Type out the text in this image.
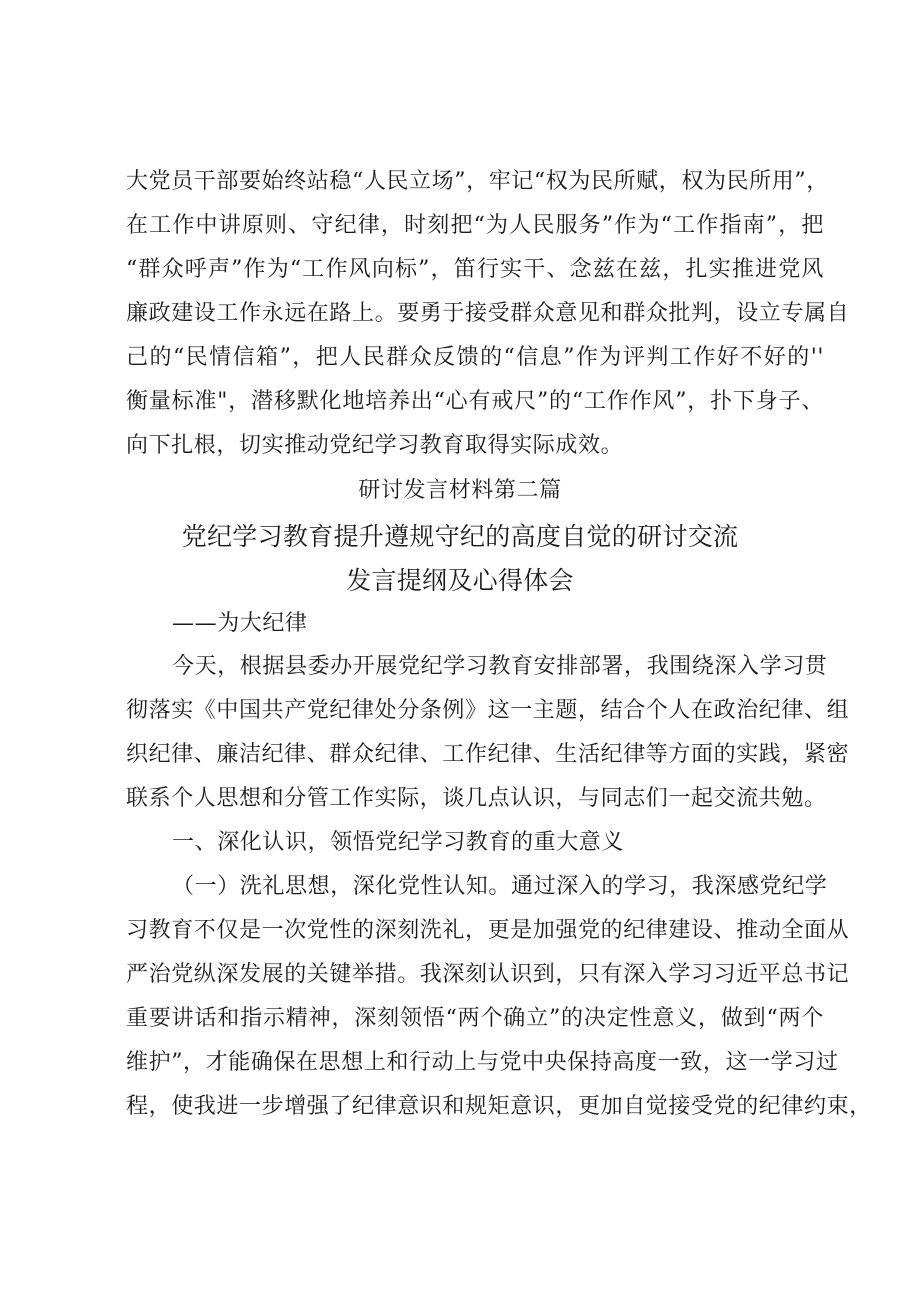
大党员干部要始终站稳“人民立场”，牢记“权为民所赋，权为民所用”，

在工作中讲原则、守纪律，时刻把“为人民服务”作为“工作指南”，把

“群众呼声”作为“工作风向标”，笛行实干、念兹在兹，扎实推进党风

廉政建设工作永远在路上。要勇于接受群众意见和群众批判，设立专属自

己的“民情信箱”，把人民群众反馈的“信息”作为评判工作好不好的''

衡量标准"，潜移默化地培养出“心有戒尺”的“工作作风”，扑下身子、

向下扎根，切实推动党纪学习教育取得实际成效。

研讨发言材料第二篇

党纪学习教育提升遵规守纪的高度自觉的研讨交流

发言提纲及心得体会

——为大纪律

今天，根据县委办开展党纪学习教育安排部署，我围绕深入学习贯

彻落实《中国共产党纪律处分条例》这一主题，结合个人在政治纪律、组

织纪律、廉洁纪律、群众纪律、工作纪律、生活纪律等方面的实践，紧密

联系个人思想和分管工作实际，谈几点认识，与同志们一起交流共勉。

一、深化认识，领悟党纪学习教育的重大意义

（一）洗礼思想，深化党性认知。通过深入的学习，我深感党纪学

习教育不仅是一次党性的深刻洗礼，更是加强党的纪律建设、推动全面从

严治党纵深发展的关键举措。我深刻认识到，只有深入学习习近平总书记

重要讲话和指示精神，深刻领悟“两个确立”的决定性意义，做到“两个

维护”，才能确保在思想上和行动上与党中央保持高度一致，这一学习过

程，使我进一步增强了纪律意识和规矩意识，更加自觉接受党的纪律约束，
